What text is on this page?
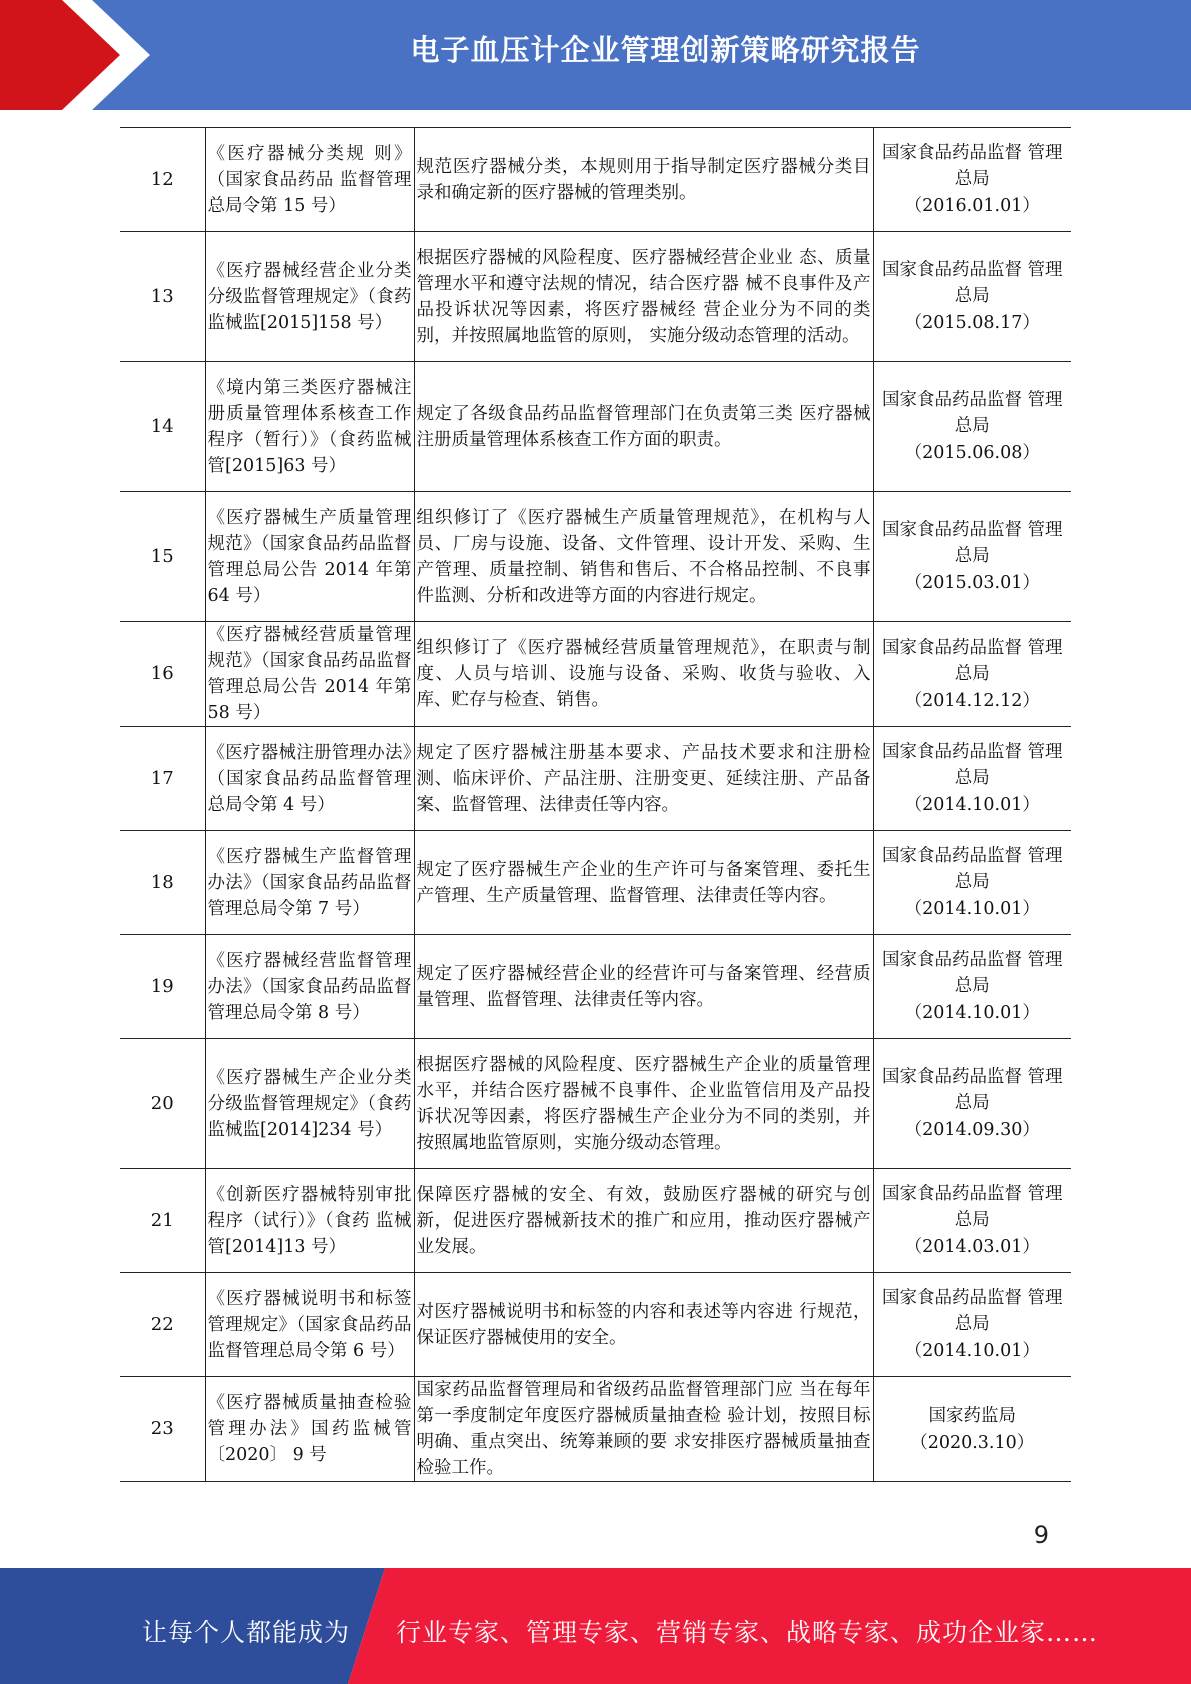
电子血压计企业管理创新策略研究报告
12	《医疗器械分类规 则》（国家食品药品 监督管理总局令第 15 号）	规范医疗器械分类，本规则用于指导制定医疗器械分类目录和确定新的医疗器械的管理类别。	国家食品药品监督 管理总局
（2016.01.01）

13	《医疗器械经营企业分类分级监督管理规定》（食药监械监[2015]158 号）	根据医疗器械的风险程度、医疗器械经营企业业 态、质量管理水平和遵守法规的情况，结合医疗器 械不良事件及产品投诉状况等因素，将医疗器械经 营企业分为不同的类别，并按照属地监管的原则， 实施分级动态管理的活动。	国家食品药品监督 管理总局
（2015.08.17）

14	《境内第三类医疗器械注册质量管理体系核查工作程序（暂行）》（食药监械管[2015]63 号）	规定了各级食品药品监督管理部门在负责第三类 医疗器械注册质量管理体系核查工作方面的职责。	国家食品药品监督 管理总局
（2015.06.08）

15	《医疗器械生产质量管理规范》（国家食品药品监督管理总局公告 2014 年第 64 号）	组织修订了《医疗器械生产质量管理规范》，在机构与人员、厂房与设施、设备、文件管理、设计开发、采购、生产管理、质量控制、销售和售后、不合格品控制、不良事件监测、分析和改进等方面的内容进行规定。	国家食品药品监督 管理总局
（2015.03.01）

16	《医疗器械经营质量管理规范》（国家食品药品监督管理总局公告 2014 年第 58 号）	组织修订了《医疗器械经营质量管理规范》，在职责与制度、人员与培训、设施与设备、采购、收货与验收、入库、贮存与检查、销售。	国家食品药品监督 管理总局
（2014.12.12）

17	《医疗器械注册管理办法》（国家食品药品监督管理总局令第 4 号）	规定了医疗器械注册基本要求、产品技术要求和注册检测、临床评价、产品注册、注册变更、延续注册、产品备案、监督管理、法律责任等内容。	国家食品药品监督 管理总局
（2014.10.01）

18	《医疗器械生产监督管理办法》（国家食品药品监督管理总局令第 7 号）	规定了医疗器械生产企业的生产许可与备案管理、委托生产管理、生产质量管理、监督管理、法律责任等内容。	国家食品药品监督 管理总局
（2014.10.01）

19	《医疗器械经营监督管理办法》（国家食品药品监督管理总局令第 8 号）	规定了医疗器械经营企业的经营许可与备案管理、经营质量管理、监督管理、法律责任等内容。	国家食品药品监督 管理总局
（2014.10.01）

20	《医疗器械生产企业分类分级监督管理规定》（食药监械监[2014]234 号）	根据医疗器械的风险程度、医疗器械生产企业的质量管理水平，并结合医疗器械不良事件、企业监管信用及产品投诉状况等因素，将医疗器械生产企业分为不同的类别，并按照属地监管原则，实施分级动态管理。	国家食品药品监督 管理总局
（2014.09.30）

21	《创新医疗器械特别审批程序（试行）》（食药 监械管[2014]13 号）	保障医疗器械的安全、有效，鼓励医疗器械的研究与创新，促进医疗器械新技术的推广和应用，推动医疗器械产业发展。	国家食品药品监督 管理总局
（2014.03.01）

22	《医疗器械说明书和标签管理规定》（国家食品药品监督管理总局令第 6 号）	对医疗器械说明书和标签的内容和表述等内容进 行规范，保证医疗器械使用的安全。	国家食品药品监督 管理总局
（2014.10.01）

23	《医疗器械质量抽查检验管理办法》国药监械管〔2020〕 9 号	国家药品监督管理局和省级药品监督管理部门应 当在每年第一季度制定年度医疗器械质量抽查检 验计划，按照目标明确、重点突出、统筹兼顾的要 求安排医疗器械质量抽查检验工作。	国家药监局
（2020.3.10）
9
让每个人都能成为 行业专家、管理专家、营销专家、战略专家、成功企业家……
